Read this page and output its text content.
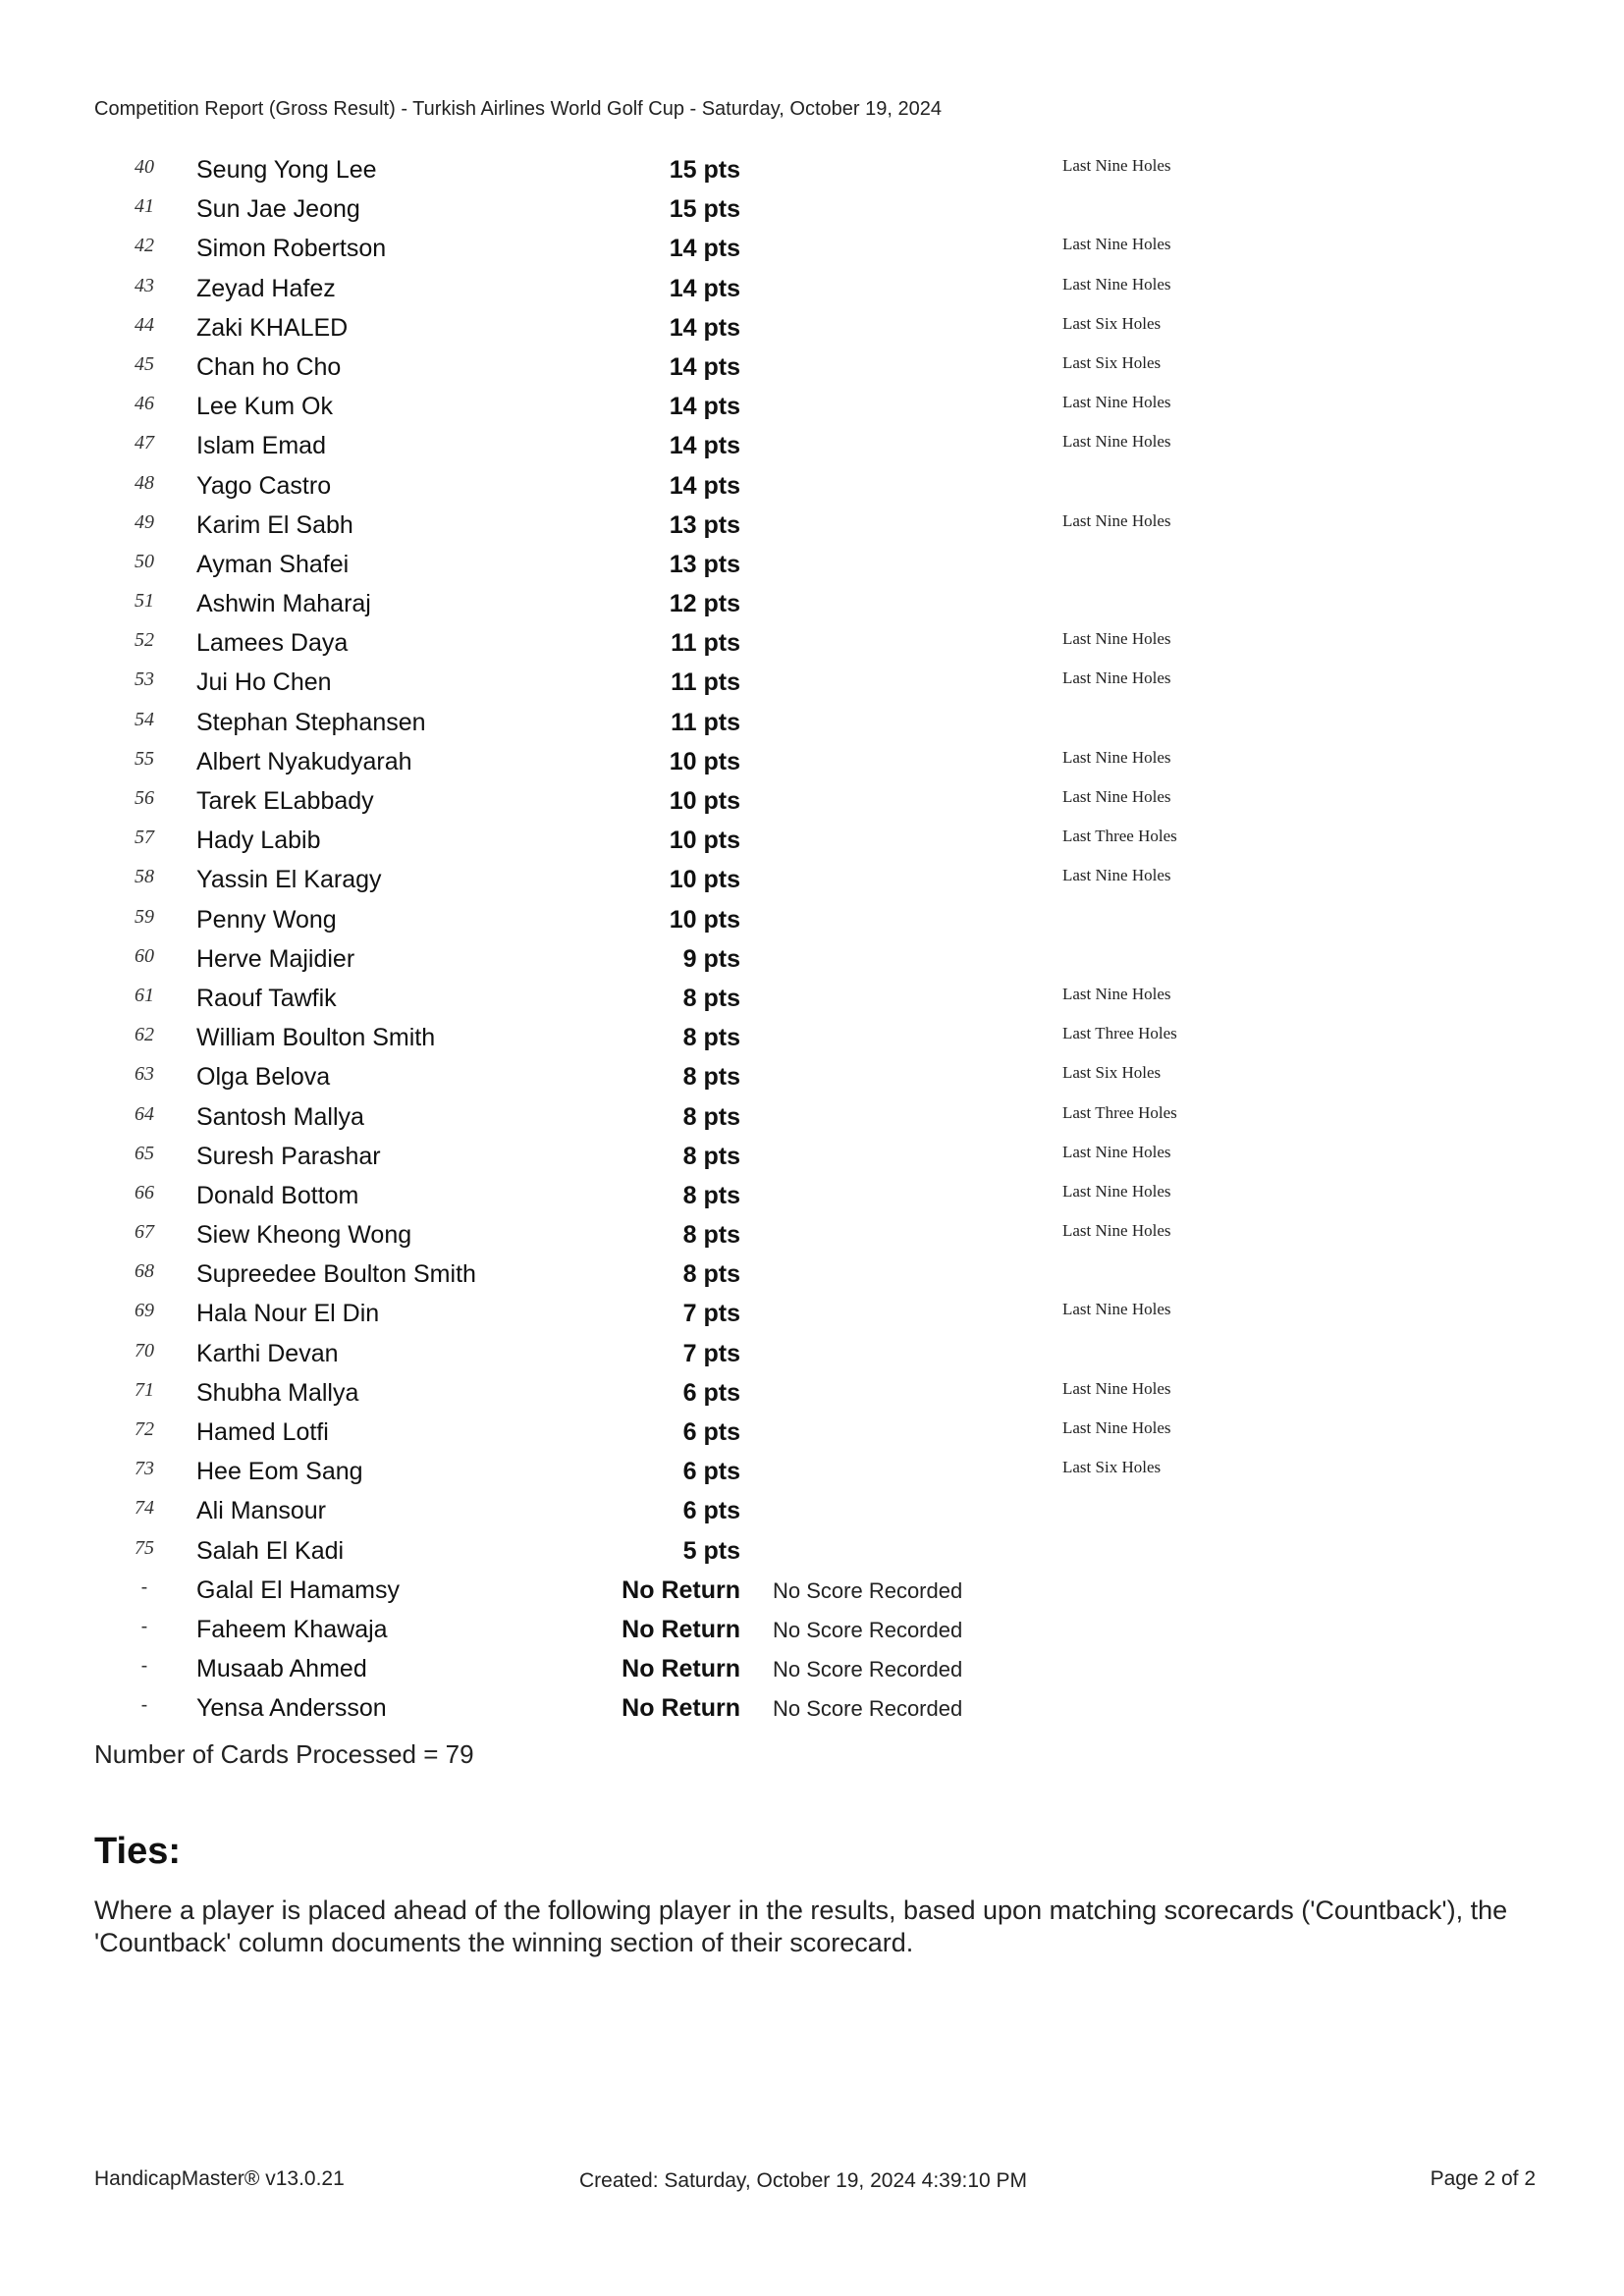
Competition Report (Gross Result) - Turkish Airlines World Golf Cup - Saturday, October 19, 2024
40	Seung Yong Lee	15 pts	Last Nine Holes
41	Sun Jae Jeong	15 pts
42	Simon Robertson	14 pts	Last Nine Holes
43	Zeyad Hafez	14 pts	Last Nine Holes
44	Zaki KHALED	14 pts	Last Six Holes
45	Chan ho Cho	14 pts	Last Six Holes
46	Lee Kum Ok	14 pts	Last Nine Holes
47	Islam Emad	14 pts	Last Nine Holes
48	Yago Castro	14 pts
49	Karim El Sabh	13 pts	Last Nine Holes
50	Ayman Shafei	13 pts
51	Ashwin Maharaj	12 pts
52	Lamees Daya	11 pts	Last Nine Holes
53	Jui Ho Chen	11 pts	Last Nine Holes
54	Stephan Stephansen	11 pts
55	Albert Nyakudyarah	10 pts	Last Nine Holes
56	Tarek ELabbady	10 pts	Last Nine Holes
57	Hady Labib	10 pts	Last Three Holes
58	Yassin El Karagy	10 pts	Last Nine Holes
59	Penny Wong	10 pts
60	Herve Majidier	9 pts
61	Raouf Tawfik	8 pts	Last Nine Holes
62	William Boulton Smith	8 pts	Last Three Holes
63	Olga Belova	8 pts	Last Six Holes
64	Santosh Mallya	8 pts	Last Three Holes
65	Suresh Parashar	8 pts	Last Nine Holes
66	Donald Bottom	8 pts	Last Nine Holes
67	Siew Kheong Wong	8 pts	Last Nine Holes
68	Supreedee Boulton Smith	8 pts
69	Hala Nour El Din	7 pts	Last Nine Holes
70	Karthi Devan	7 pts
71	Shubha Mallya	6 pts	Last Nine Holes
72	Hamed Lotfi	6 pts	Last Nine Holes
73	Hee Eom Sang	6 pts	Last Six Holes
74	Ali Mansour	6 pts
75	Salah El Kadi	5 pts
-	Galal El Hamamsy	No Return No Score Recorded
-	Faheem Khawaja	No Return No Score Recorded
-	Musaab Ahmed	No Return No Score Recorded
-	Yensa Andersson	No Return No Score Recorded
Number of Cards Processed = 79
Ties:
Where a player is placed ahead of the following player in the results, based upon matching scorecards ('Countback'), the 'Countback' column documents the winning section of their scorecard.
HandicapMaster® v13.0.21	Created: Saturday, October 19, 2024 4:39:10 PM	Page 2 of 2
